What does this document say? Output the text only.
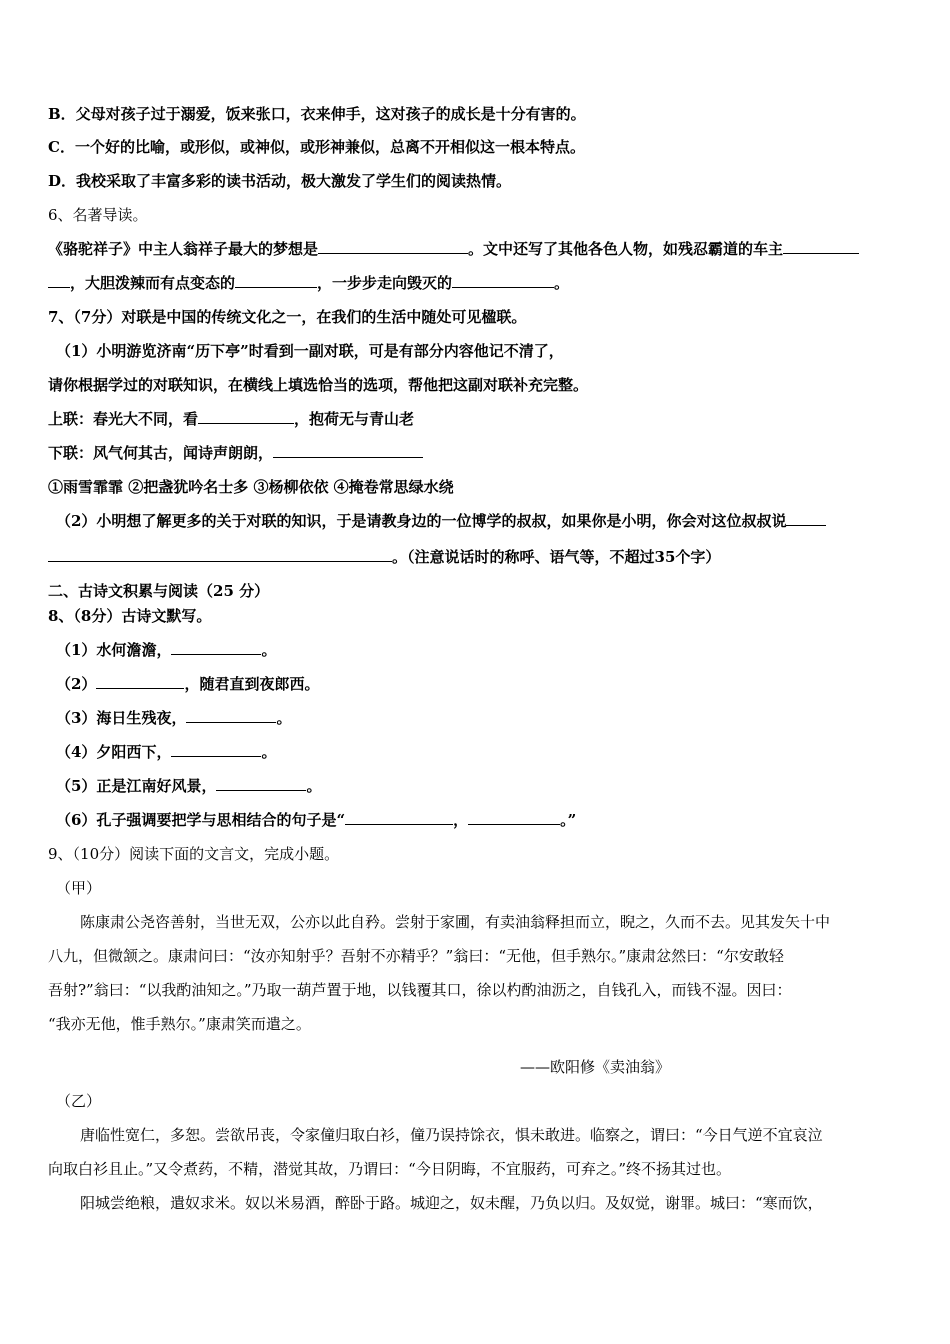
B．父母对孩子过于溺爱，饭来张口，衣来伸手，这对孩子的成长是十分有害的。
C．一个好的比喻，或形似，或神似，或形神兼似，总离不开相似这一根本特点。
D．我校采取了丰富多彩的读书活动，极大激发了学生们的阅读热情。
6、名著导读。
《骆驼祥子》中主人翁祥子最大的梦想是	。文中还写了其他各色人物，如残忍霸道的车主
，大胆泼辣而有点变态的	，一步步走向毁灭的	。
7、（7分）对联是中国的传统文化之一，在我们的生活中随处可见楹联。
（1）小明游览济南“历下亭”时看到一副对联，可是有部分内容他记不清了，
请你根据学过的对联知识，在横线上填选恰当的选项，帮他把这副对联补充完整。
上联：春光大不同，看	，抱荷无与青山老
下联：风气何其古，闻诗声朗朗，
①雨雪霏霏 ②把盏犹吟名士多 ③杨柳依依 ④掩卷常思绿水绕
（2）小明想了解更多的关于对联的知识，于是请教身边的一位博学的叔叔，如果你是小明，你会对这位叔叔说
。（注意说话时的称呼、语气等，不超过35个字）
二、古诗文积累与阅读（25 分）
8、（8分）古诗文默写。
（1）水何澹澹，	。
（2）	，随君直到夜郎西。
（3）海日生残夜，	。
（4）夕阳西下，	。
（5）正是江南好风景，	。
（6）孔子强调要把学与思相结合的句子是“	，	。”
9、（10分）阅读下面的文言文，完成小题。
（甲）
陈康肃公尧咨善射，当世无双，公亦以此自矜。尝射于家圃，有卖油翁释担而立，睨之，久而不去。见其发矢十中
八九，但微颔之。康肃问曰：“汝亦知射乎？吾射不亦精乎？”翁曰：“无他，但手熟尔。”康肃忿然曰：“尔安敢轻
吾射?”翁曰：“以我酌油知之。”乃取一葫芦置于地，以钱覆其口，徐以杓酌油沥之，自钱孔入，而钱不湿。因曰：
“我亦无他，惟手熟尔。”康肃笑而遣之。
——欧阳修《卖油翁》
（乙）
唐临性宽仁，多恕。尝欲吊丧，令家僮归取白衫，僮乃误持馀衣，惧未敢进。临察之，谓曰：“今日气逆不宜哀泣
向取白衫且止。”又令煮药，不精，潜觉其故，乃谓曰：“今日阴晦，不宜服药，可弃之。”终不扬其过也。
阳城尝绝粮，遣奴求米。奴以米易酒，醉卧于路。城迎之，奴未醒，乃负以归。及奴觉，谢罪。城曰：“寒而饮，
